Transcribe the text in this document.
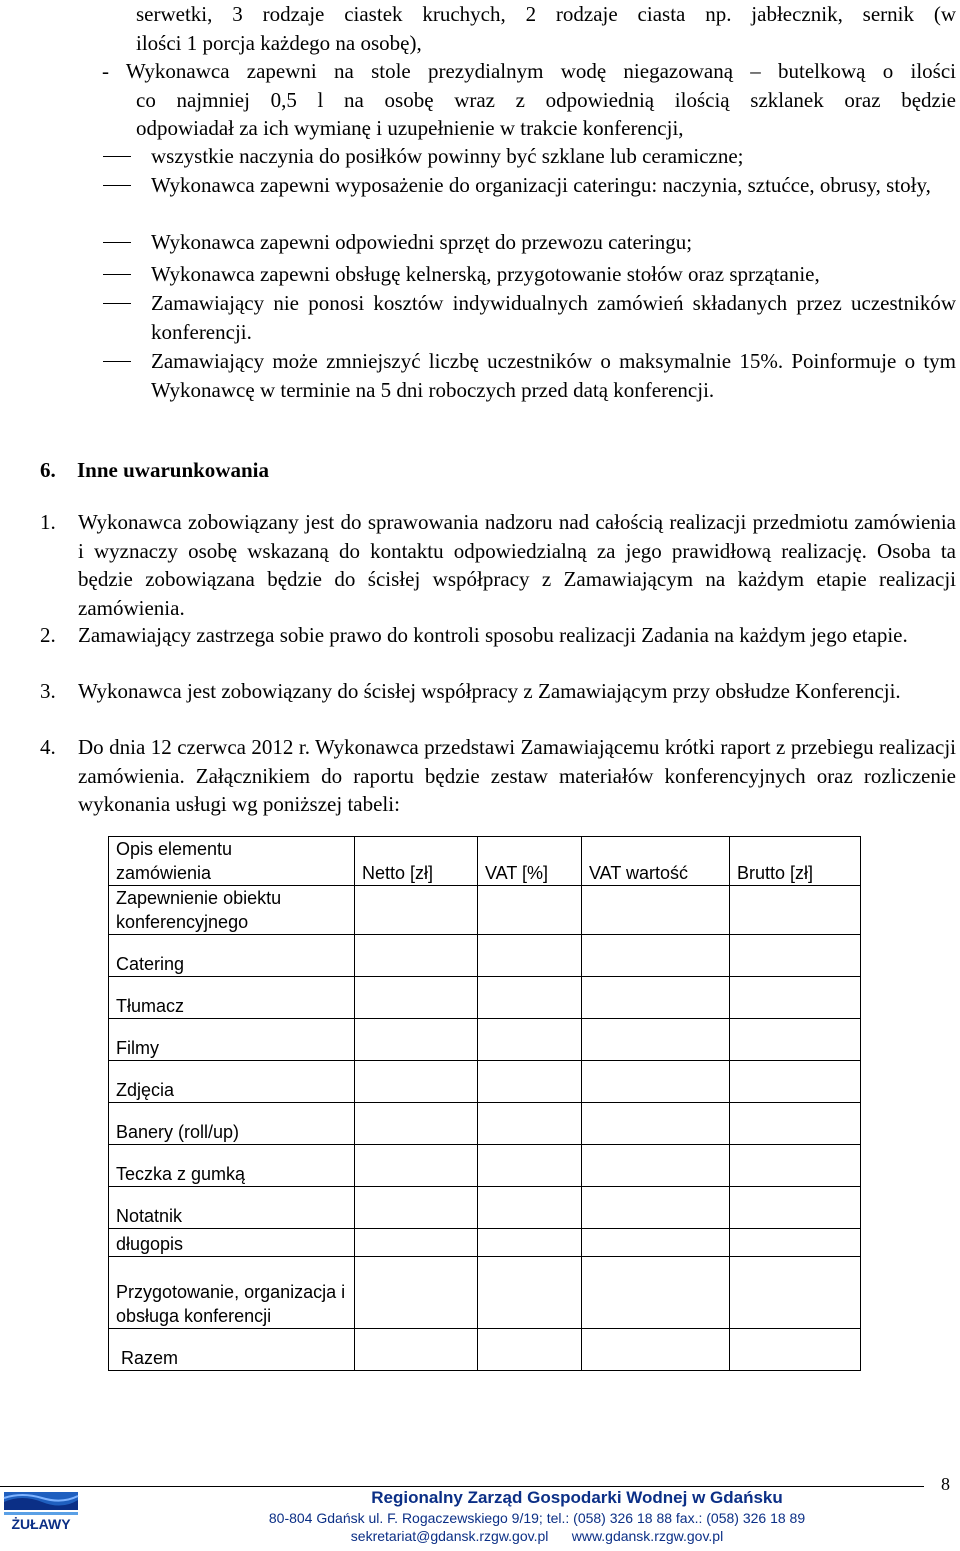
serwetki, 3 rodzaje ciastek kruchych, 2 rodzaje ciasta np. jabłecznik, sernik (w
ilości 1 porcja każdego na osobę),
- Wykonawca zapewni na stole prezydialnym wodę niegazowaną – butelkową o ilości
co najmniej 0,5 l na osobę wraz z odpowiednią ilością szklanek oraz będzie
odpowiadał za ich wymianę i uzupełnienie w trakcie konferencji,
wszystkie naczynia do posiłków powinny być szklane lub ceramiczne;
Wykonawca zapewni wyposażenie do organizacji cateringu: naczynia, sztućce, obrusy, stoły,
Wykonawca zapewni odpowiedni sprzęt do przewozu cateringu;
Wykonawca zapewni obsługę kelnerską, przygotowanie stołów oraz sprzątanie,
Zamawiający nie ponosi kosztów indywidualnych zamówień składanych przez uczestników konferencji.
Zamawiający może zmniejszyć liczbę uczestników o maksymalnie 15%. Poinformuje o tym Wykonawcę w terminie na 5 dni roboczych przed datą konferencji.
6. Inne uwarunkowania
1. Wykonawca zobowiązany jest do sprawowania nadzoru nad całością realizacji przedmiotu zamówienia i wyznaczy osobę wskazaną do kontaktu odpowiedzialną za jego prawidłową realizację. Osoba ta będzie zobowiązana będzie do ścisłej współpracy z Zamawiającym na każdym etapie realizacji zamówienia.
2. Zamawiający zastrzega sobie prawo do kontroli sposobu realizacji Zadania na każdym jego etapie.
3. Wykonawca jest zobowiązany do ścisłej współpracy z Zamawiającym przy obsłudze Konferencji.
4. Do dnia 12 czerwca 2012 r. Wykonawca przedstawi Zamawiającemu krótki raport z przebiegu realizacji zamówienia. Załącznikiem do raportu będzie zestaw materiałów konferencyjnych oraz rozliczenie wykonania usługi wg poniższej tabeli:
Opis elementu
zamówienia	Netto [zł]	VAT [%]	VAT wartość	Brutto [zł]
Zapewnienie obiektu konferencyjnego				
Catering				
Tłumacz				
Filmy				
Zdjęcia				
Banery (roll/up)				
Teczka z gumką				
Notatnik				
długopis				
Przygotowanie, organizacja i obsługa konferencji				
Razem				
8
ŻUŁAWY
Regionalny Zarząd Gospodarki Wodnej w Gdańsku
80-804 Gdańsk ul. F. Rogaczewskiego 9/19; tel.: (058) 326 18 88 fax.: (058) 326 18 89
sekretariat@gdansk.rzgw.gov.pl      www.gdansk.rzgw.gov.pl
